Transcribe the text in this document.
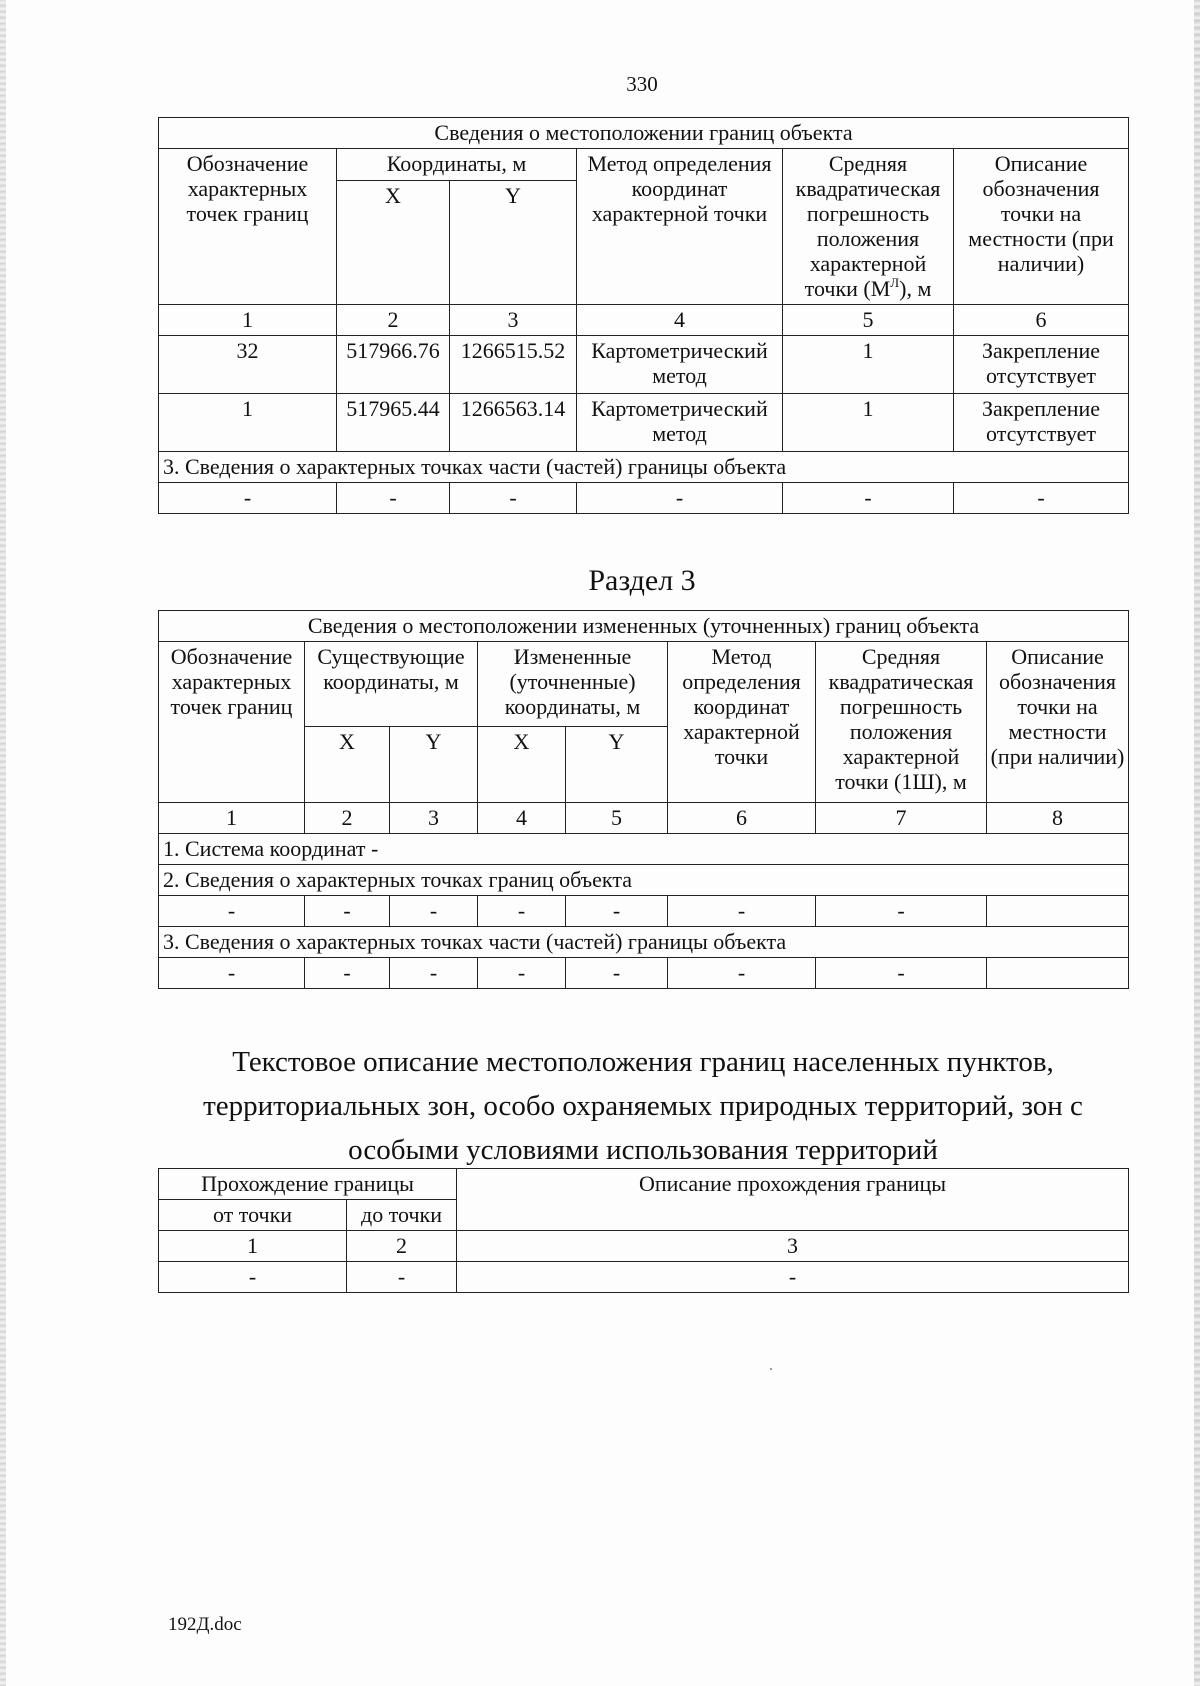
330
Сведения о местоположении границ объекта					
Обозначение характерных точек границ	Координаты, м		Метод определения координат характерной точки	Средняя квадратическая погрешность положения характерной точки $(М^Л)$, м	Описание обозначения точки на местности (при наличии)
	X	Y			
1	2	3	4	5	6
32	517966.76	1266515.52	Картометрический метод	1	Закрепление отсутствует
1	517965.44	1266563.14	Картометрический метод	1	Закрепление отсутствует
3. Сведения о характерных точках части (частей) границы объекта					
-	-	-	-	-	-
Раздел 3
Сведения о местоположении измененных (уточненных) границ объекта							
Обозначение характерных точек границ	Существующие координаты, м		Измененные (уточненные) координаты, м		Метод определения координат характерной точки	Средняя квадратическая погрешность положения характерной точки (1Ш), м	Описание обозначения точки на местности (при наличии)
	X	Y	X	Y			
1	2	3	4	5	6	7	8
1. Система координат -							
2. Сведения о характерных точках границ объекта							
-	-	-	-	-	-	-	
3. Сведения о характерных точках части (частей) границы объекта							
-	-	-	-	-	-	-	
Текстовое описание местоположения границ населенных пунктов, территориальных зон, особо охраняемых природных территорий, зон с особыми условиями использования территорий
Прохождение границы		Описание прохождения границы
от точки	до точки	
1	2	3
-	-	-
192Д.doc
